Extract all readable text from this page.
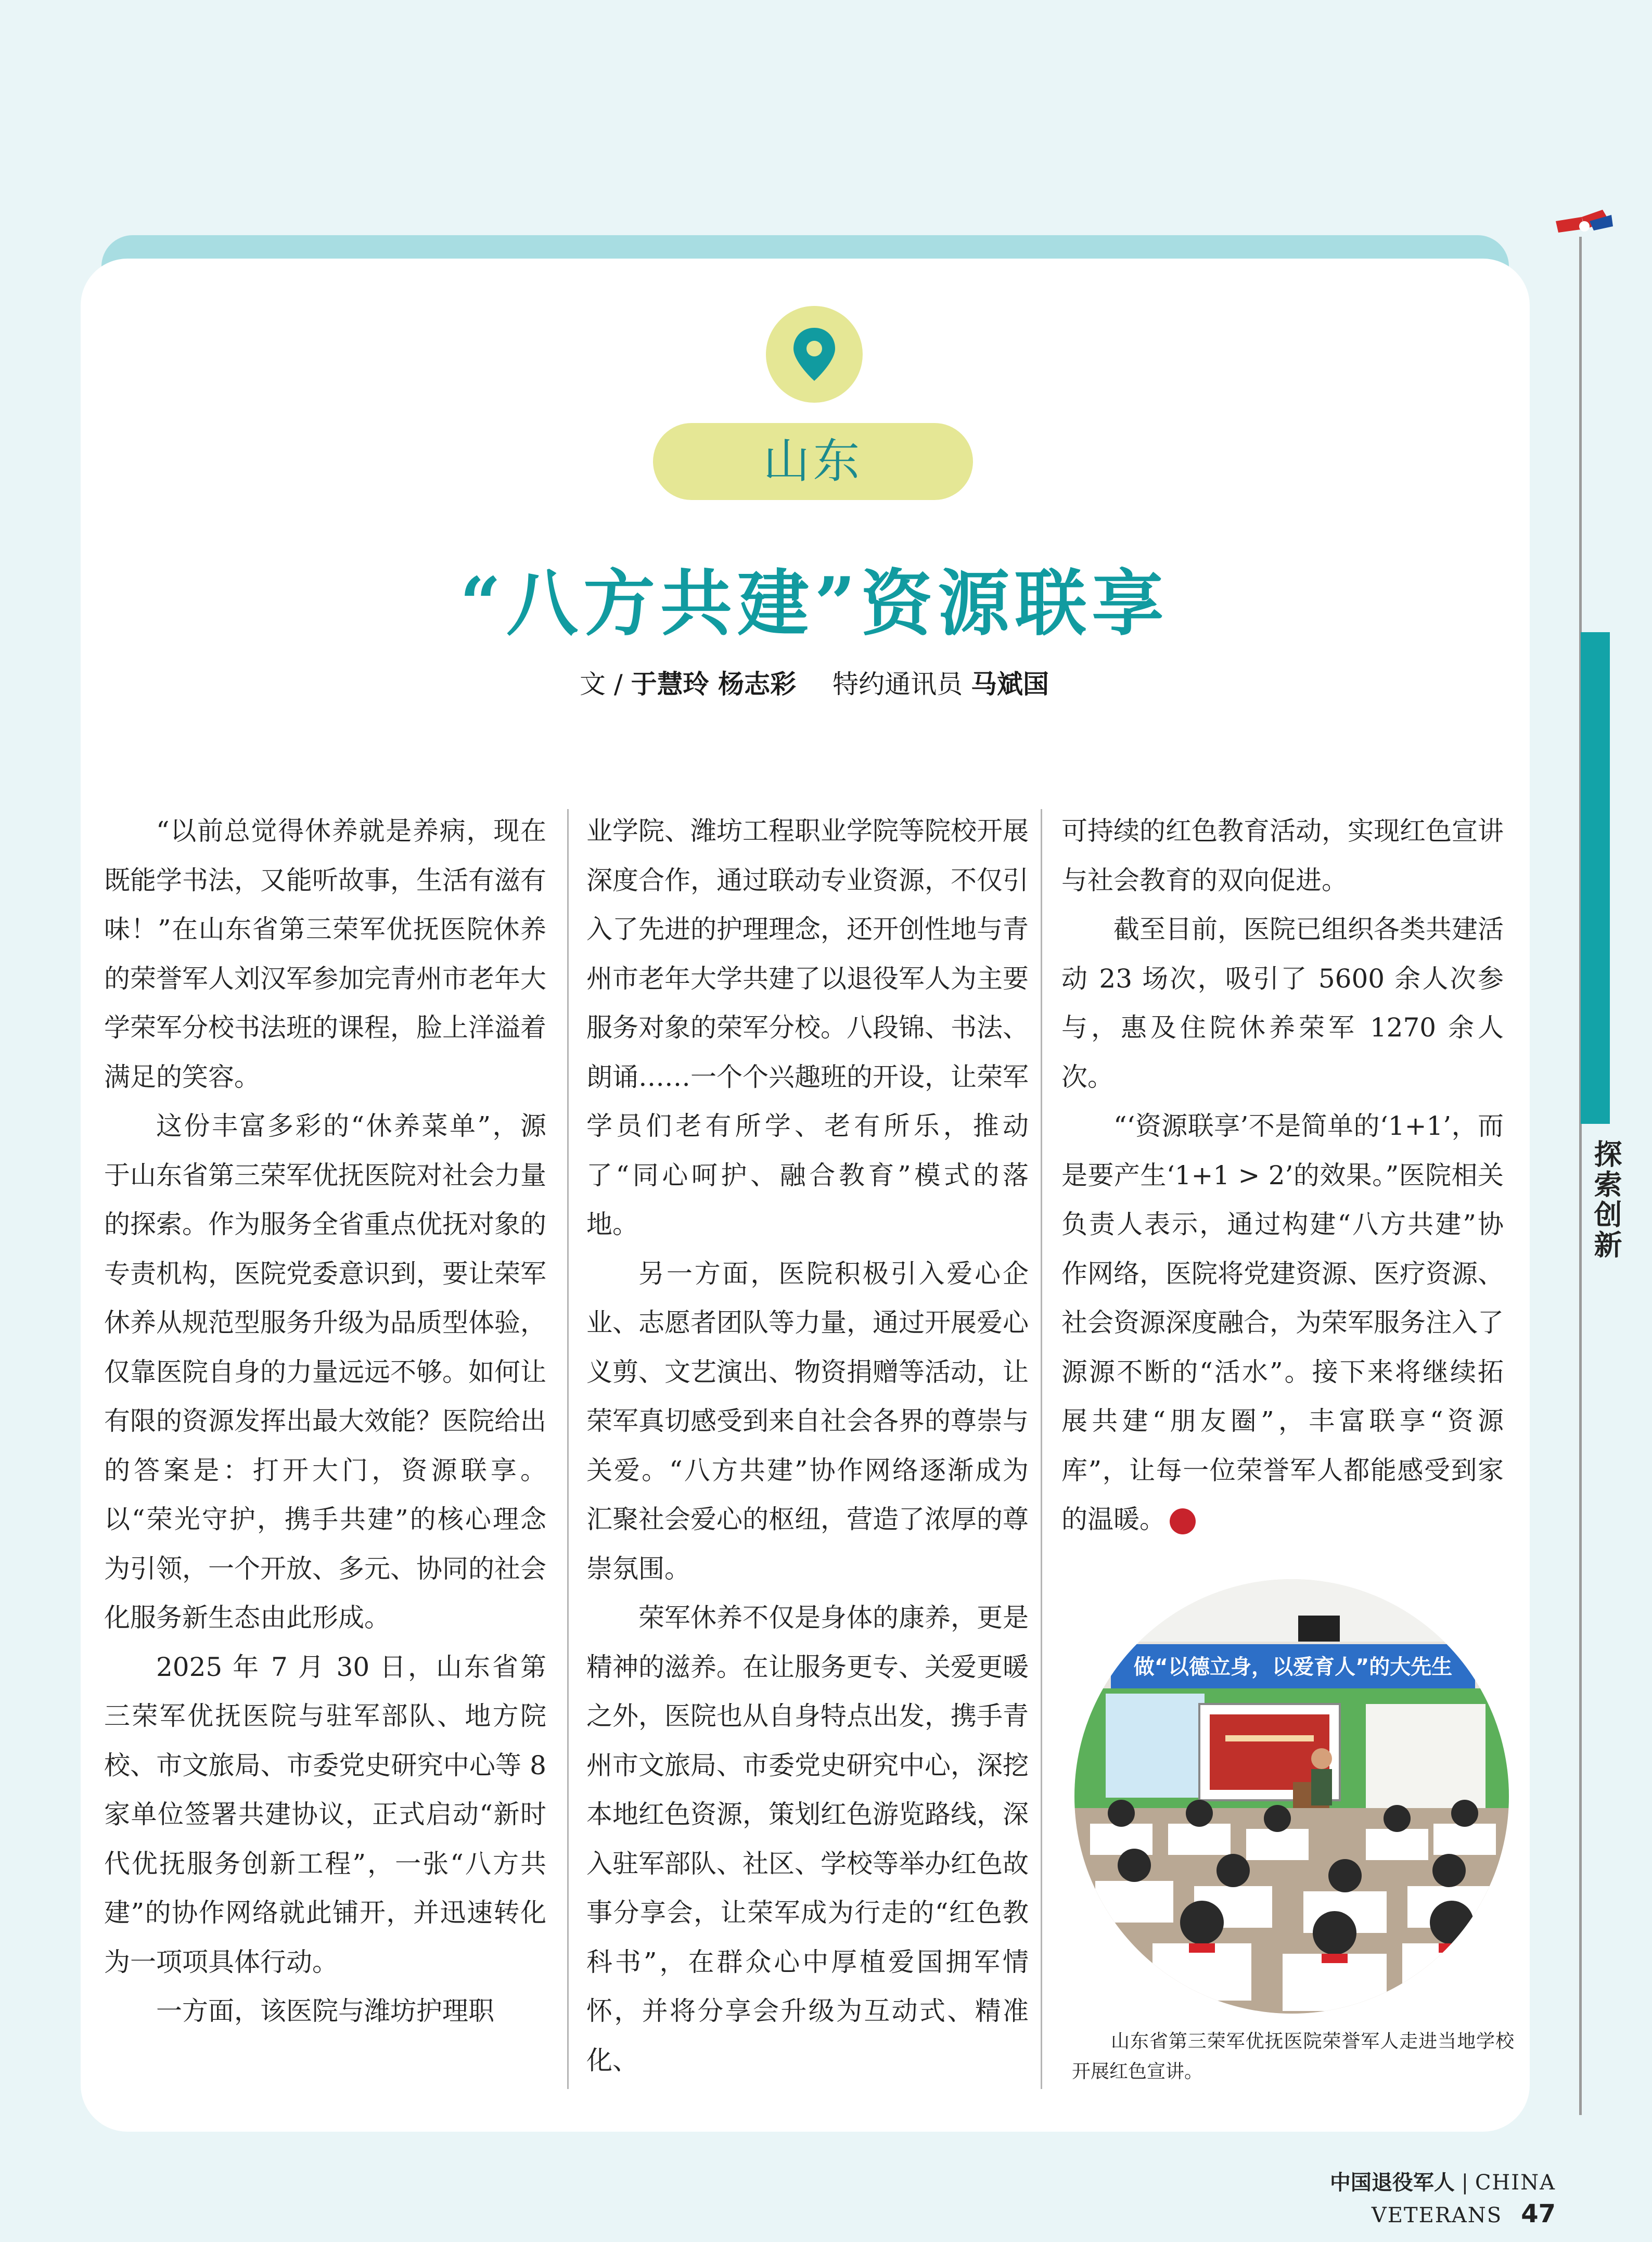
探索创新
山东
“八方共建”资源联享
文 / 于慧玲 杨志彩 特约通讯员 马斌国

“以前总觉得休养就是养病，现在既能学书法，又能听故事，生活有滋有味！”在山东省第三荣军优抚医院休养的荣誉军人刘汉军参加完青州市老年大学荣军分校书法班的课程，脸上洋溢着满足的笑容。

这份丰富多彩的“休养菜单”，源于山东省第三荣军优抚医院对社会力量的探索。作为服务全省重点优抚对象的专责机构，医院党委意识到，要让荣军休养从规范型服务升级为品质型体验，仅靠医院自身的力量远远不够。如何让有限的资源发挥出最大效能？医院给出的答案是：打开大门，资源联享。以“荣光守护，携手共建”的核心理念为引领，一个开放、多元、协同的社会化服务新生态由此形成。

2025 年 7 月 30 日，山东省第三荣军优抚医院与驻军部队、地方院校、市文旅局、市委党史研究中心等 8 家单位签署共建协议，正式启动“新时代优抚服务创新工程”，一张“八方共建”的协作网络就此铺开，并迅速转化为一项项具体行动。

一方面，该医院与潍坊护理职

业学院、潍坊工程职业学院等院校开展深度合作，通过联动专业资源，不仅引入了先进的护理理念，还开创性地与青州市老年大学共建了以退役军人为主要服务对象的荣军分校。八段锦、书法、朗诵……一个个兴趣班的开设，让荣军学员们老有所学、老有所乐，推动了“同心呵护、融合教育”模式的落地。

另一方面，医院积极引入爱心企业、志愿者团队等力量，通过开展爱心义剪、文艺演出、物资捐赠等活动，让荣军真切感受到来自社会各界的尊崇与关爱。“八方共建”协作网络逐渐成为汇聚社会爱心的枢纽，营造了浓厚的尊崇氛围。

荣军休养不仅是身体的康养，更是精神的滋养。在让服务更专、关爱更暖之外，医院也从自身特点出发，携手青州市文旅局、市委党史研究中心，深挖本地红色资源，策划红色游览路线，深入驻军部队、社区、学校等举办红色故事分享会，让荣军成为行走的“红色教科书”，在群众心中厚植爱国拥军情怀，并将分享会升级为互动式、精准化、

可持续的红色教育活动，实现红色宣讲与社会教育的双向促进。

截至目前，医院已组织各类共建活动 23 场次，吸引了 5600 余人次参与，惠及住院休养荣军 1270 余人次。

“‘资源联享’不是简单的‘1+1’，而是要产生‘1+1 > 2’的效果。”医院相关负责人表示，通过构建“八方共建”协作网络，医院将党建资源、医疗资源、社会资源深度融合，为荣军服务注入了源源不断的“活水”。接下来将继续拓展共建“朋友圈”，丰富联享“资源库”，让每一位荣誉军人都能感受到家的温暖。	V

做“以德立身，以爱育人”的大先生
山东省第三荣军优抚医院荣誉军人走进当地学校开展红色宣讲。
中国退役军人 | CHINA VETERANS 47
